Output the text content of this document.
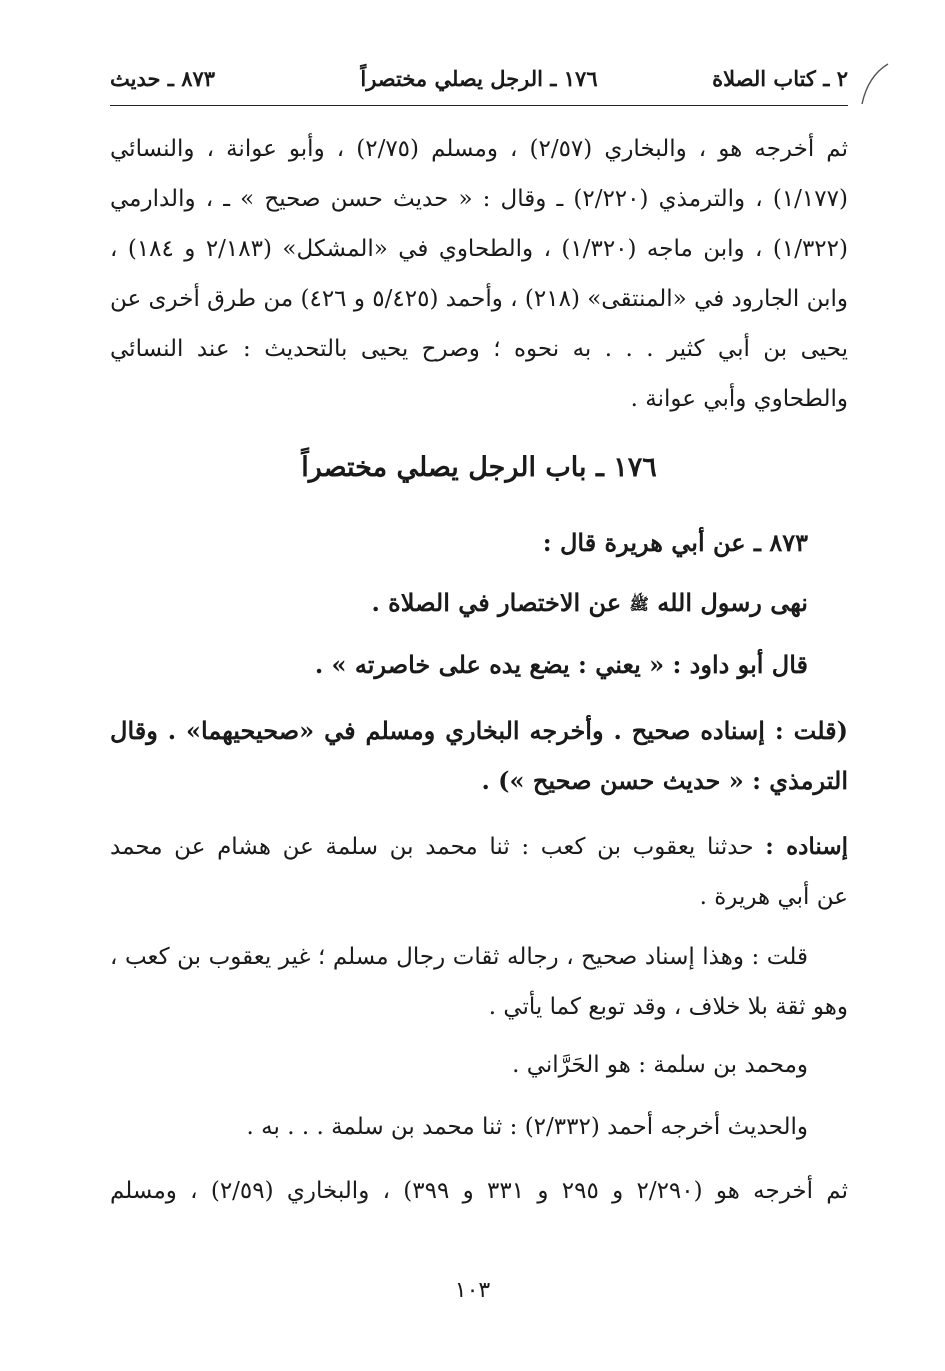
٢ ـ كتاب الصلاة
١٧٦ ـ الرجل يصلي مختصراً
٨٧٣ ـ حديث
ثم أخرجه هو ، والبخاري (٢/٥٧) ، ومسلم (٢/٧٥) ، وأبو عوانة ، والنسائي
(١/١٧٧) ، والترمذي (٢/٢٢٠) ـ وقال : « حديث حسن صحيح » ـ ، والدارمي
(١/٣٢٢) ، وابن ماجه (١/٣٢٠) ، والطحاوي في «المشكل» (٢/١٨٣ و ١٨٤) ،
وابن الجارود في «المنتقى» (٢١٨) ، وأحمد (٥/٤٢٥ و ٤٢٦) من طرق أخرى عن
يحيى بن أبي كثير . . . به نحوه ؛ وصرح يحيى بالتحديث : عند النسائي
والطحاوي وأبي عوانة .
١٧٦ ـ باب الرجل يصلي مختصراً
٨٧٣ ـ عن أبي هريرة قال :
نهى رسول الله ﷺ عن الاختصار في الصلاة .
قال أبو داود : « يعني : يضع يده على خاصرته » .
(قلت : إسناده صحيح . وأخرجه البخاري ومسلم في «صحيحيهما» . وقال
الترمذي : « حديث حسن صحيح ») .
إسناده : حدثنا يعقوب بن كعب : ثنا محمد بن سلمة عن هشام عن محمد
عن أبي هريرة .
قلت : وهذا إسناد صحيح ، رجاله ثقات رجال مسلم ؛ غير يعقوب بن كعب ،
وهو ثقة بلا خلاف ، وقد توبع كما يأتي .
ومحمد بن سلمة : هو الحَرَّاني .
والحديث أخرجه أحمد (٢/٣٣٢) : ثنا محمد بن سلمة . . . به .
ثم أخرجه هو (٢/٢٩٠ و ٢٩٥ و ٣٣١ و ٣٩٩) ، والبخاري (٢/٥٩) ، ومسلم
١٠٣
